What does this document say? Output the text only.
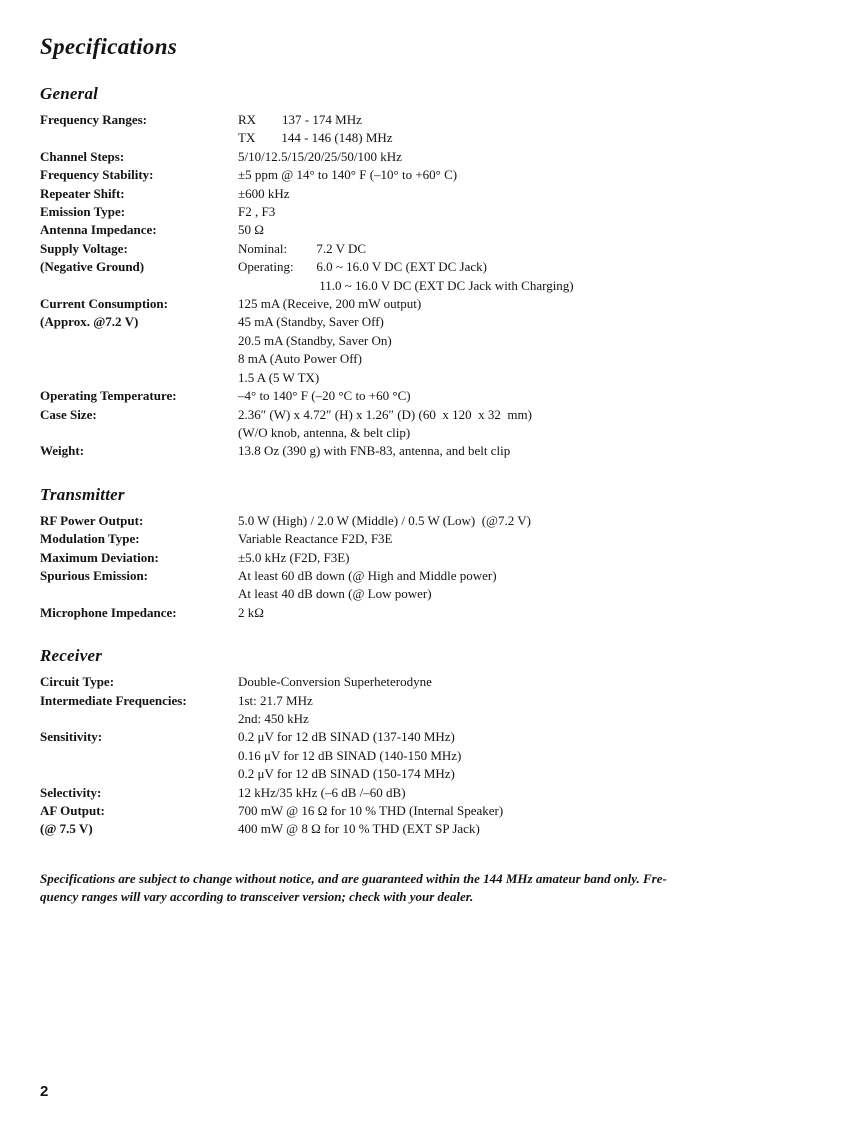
Specifications
General
Frequency Ranges:	RX        137 - 174 MHz
TX        144 - 146 (148) MHz
Channel Steps:	5/10/12.5/15/20/25/50/100 kHz
Frequency Stability:	±5 ppm @ 14° to 140° F (–10° to +60° C)
Repeater Shift:	±600 kHz
Emission Type:	F2 , F3
Antenna Impedance:	50 Ω
Supply Voltage:	Nominal:         7.2 V DC
(Negative Ground)	Operating:       6.0 ~ 16.0 V DC (EXT DC Jack)
11.0 ~ 16.0 V DC (EXT DC Jack with Charging)
Current Consumption:	125 mA (Receive, 200 mW output)
(Approx. @7.2 V)	45 mA (Standby, Saver Off)
20.5 mA (Standby, Saver On)
8 mA (Auto Power Off)
1.5 A (5 W TX)
Operating Temperature:	–4° to 140° F (–20 °C to +60 °C)
Case Size:	2.36″ (W) x 4.72″ (H) x 1.26″ (D) (60  x 120  x 32  mm)
(W/O knob, antenna, & belt clip)
Weight:	13.8 Oz (390 g) with FNB-83, antenna, and belt clip
Transmitter
RF Power Output:	5.0 W (High) / 2.0 W (Middle) / 0.5 W (Low)  (@7.2 V)
Modulation Type:	Variable Reactance F2D, F3E
Maximum Deviation:	±5.0 kHz (F2D, F3E)
Spurious Emission:	At least 60 dB down (@ High and Middle power)
At least 40 dB down (@ Low power)
Microphone Impedance:	2 kΩ
Receiver
Circuit Type:	Double-Conversion Superheterodyne
Intermediate Frequencies:	1st: 21.7 MHz
2nd: 450 kHz
Sensitivity:	0.2 μV for 12 dB SINAD (137-140 MHz)
0.16 μV for 12 dB SINAD (140-150 MHz)
0.2 μV for 12 dB SINAD (150-174 MHz)
Selectivity:	12 kHz/35 kHz (–6 dB /–60 dB)
AF Output:	700 mW @ 16 Ω for 10 % THD (Internal Speaker)
(@ 7.5 V)	400 mW @ 8 Ω for 10 % THD (EXT SP Jack)

Specifications are subject to change without notice, and are guaranteed within the 144 MHz amateur band only. Fre-
quency ranges will vary according to transceiver version; check with your dealer.

2
